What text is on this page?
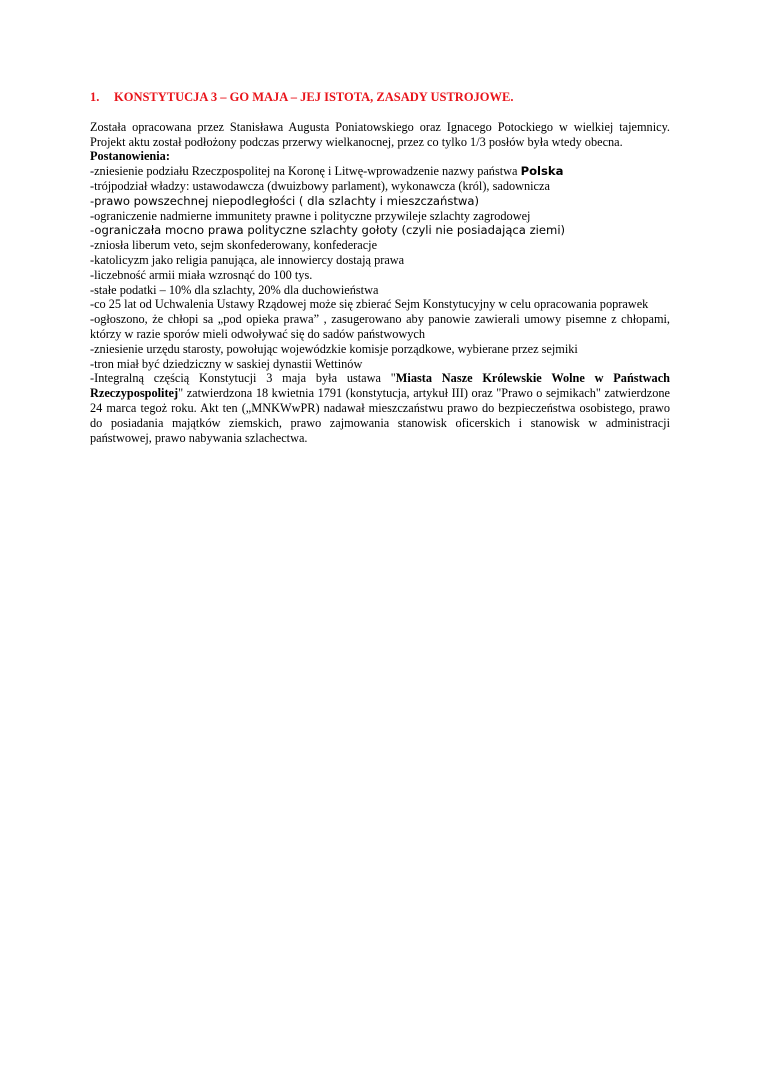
1.	KONSTYTUCJA 3 – GO MAJA – JEJ ISTOTA, ZASADY USTROJOWE.

Została opracowana przez Stanisława Augusta Poniatowskiego oraz Ignacego Potockiego w wielkiej tajemnicy. Projekt aktu został podłożony podczas przerwy wielkanocnej, przez co tylko 1/3 posłów była wtedy obecna.

Postanowienia:

-zniesienie podziału Rzeczpospolitej na Koronę i Litwę-wprowadzenie nazwy państwa Polska
-trójpodział władzy: ustawodawcza (dwuizbowy parlament), wykonawcza (król), sadownicza
-prawo powszechnej niepodległości ( dla szlachty i mieszczaństwa)
-ograniczenie nadmierne immunitety prawne i polityczne przywileje szlachty zagrodowej
-ograniczała mocno prawa polityczne szlachty gołoty (czyli nie posiadająca ziemi)
-zniosła liberum veto, sejm skonfederowany, konfederacje
-katolicyzm jako religia panująca, ale innowiercy dostają prawa
-liczebność armii miała wzrosnąć do 100 tys.
-stałe podatki – 10% dla szlachty, 20% dla duchowieństwa
-co 25 lat od Uchwalenia Ustawy Rządowej może się zbierać Sejm Konstytucyjny w celu opracowania poprawek
-ogłoszono, że chłopi sa „pod opieka prawa” , zasugerowano aby panowie zawierali umowy pisemne z chłopami, którzy w razie sporów mieli odwoływać się do sadów państwowych
-zniesienie urzędu starosty, powołując wojewódzkie komisje porządkowe, wybierane przez sejmiki
-tron miał być dziedziczny w saskiej dynastii Wettinów
-Integralną częścią Konstytucji 3 maja była ustawa "Miasta Nasze Królewskie Wolne w Państwach Rzeczypospolitej" zatwierdzona 18 kwietnia 1791 (konstytucja, artykuł III) oraz "Prawo o sejmikach" zatwierdzone 24 marca tegoż roku. Akt ten („MNKWwPR) nadawał mieszczaństwu prawo do bezpieczeństwa osobistego, prawo do posiadania majątków ziemskich, prawo zajmowania stanowisk oficerskich i stanowisk w administracji państwowej, prawo nabywania szlachectwa.
